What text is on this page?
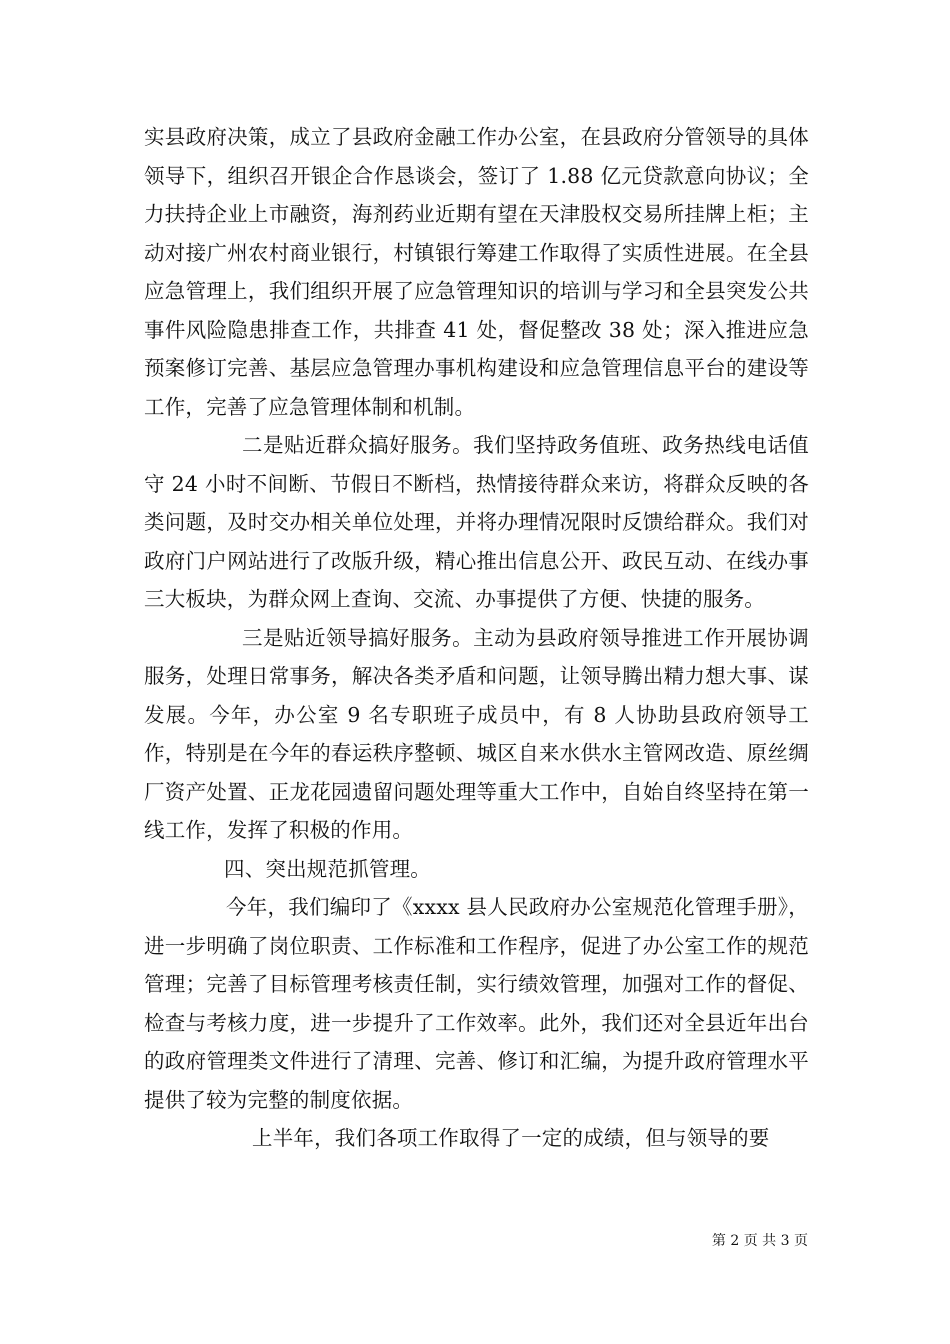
实县政府决策，成立了县政府金融工作办公室，在县政府分管领导的具体领导下，组织召开银企合作恳谈会，签订了 1.88 亿元贷款意向协议；全力扶持企业上市融资，海剂药业近期有望在天津股权交易所挂牌上柜；主动对接广州农村商业银行，村镇银行筹建工作取得了实质性进展。在全县应急管理上，我们组织开展了应急管理知识的培训与学习和全县突发公共事件风险隐患排查工作，共排查 41 处，督促整改 38 处；深入推进应急预案修订完善、基层应急管理办事机构建设和应急管理信息平台的建设等工作，完善了应急管理体制和机制。

二是贴近群众搞好服务。我们坚持政务值班、政务热线电话值守 24 小时不间断、节假日不断档，热情接待群众来访，将群众反映的各类问题，及时交办相关单位处理，并将办理情况限时反馈给群众。我们对政府门户网站进行了改版升级，精心推出信息公开、政民互动、在线办事三大板块，为群众网上查询、交流、办事提供了方便、快捷的服务。

三是贴近领导搞好服务。主动为县政府领导推进工作开展协调服务，处理日常事务，解决各类矛盾和问题，让领导腾出精力想大事、谋发展。今年，办公室 9 名专职班子成员中，有 8 人协助县政府领导工作，特别是在今年的春运秩序整顿、城区自来水供水主管网改造、原丝绸厂资产处置、正龙花园遗留问题处理等重大工作中，自始自终坚持在第一线工作，发挥了积极的作用。

四、突出规范抓管理。

今年，我们编印了《xxxx 县人民政府办公室规范化管理手册》，进一步明确了岗位职责、工作标准和工作程序，促进了办公室工作的规范管理；完善了目标管理考核责任制，实行绩效管理，加强对工作的督促、检查与考核力度，进一步提升了工作效率。此外，我们还对全县近年出台的政府管理类文件进行了清理、完善、修订和汇编，为提升政府管理水平提供了较为完整的制度依据。

上半年，我们各项工作取得了一定的成绩，但与领导的要

第 2 页 共 3 页
